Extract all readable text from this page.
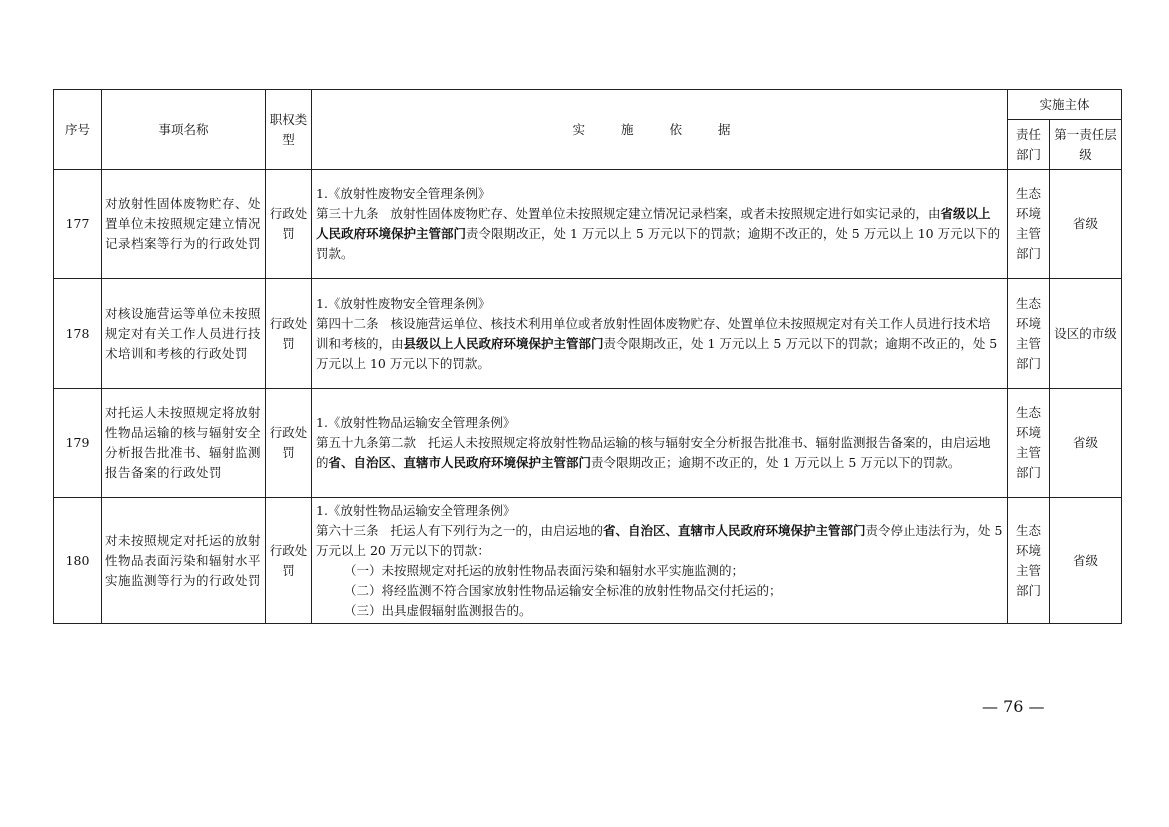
序号	事项名称	职权类型	实 施 依 据	实施主体	
				责任部门	第一责任层级
177	对放射性固体废物贮存、处置单位未按照规定建立情况记录档案等行为的行政处罚	行政处罚	1.《放射性废物安全管理条例》
第三十九条 放射性固体废物贮存、处置单位未按照规定建立情况记录档案，或者未按照规定进行如实记录的，由省级以上人民政府环境保护主管部门责令限期改正，处 1 万元以上 5 万元以下的罚款；逾期不改正的，处 5 万元以上 10 万元以下的罚款。	生态环境主管部门	省级
178	对核设施营运等单位未按照规定对有关工作人员进行技术培训和考核的行政处罚	行政处罚	1.《放射性废物安全管理条例》
第四十二条 核设施营运单位、核技术利用单位或者放射性固体废物贮存、处置单位未按照规定对有关工作人员进行技术培训和考核的，由县级以上人民政府环境保护主管部门责令限期改正，处 1 万元以上 5 万元以下的罚款；逾期不改正的，处 5 万元以上 10 万元以下的罚款。	生态环境主管部门	设区的市级
179	对托运人未按照规定将放射性物品运输的核与辐射安全分析报告批准书、辐射监测报告备案的行政处罚	行政处罚	1.《放射性物品运输安全管理条例》
第五十九条第二款 托运人未按照规定将放射性物品运输的核与辐射安全分析报告批准书、辐射监测报告备案的，由启运地的省、自治区、直辖市人民政府环境保护主管部门责令限期改正；逾期不改正的，处 1 万元以上 5 万元以下的罚款。	生态环境主管部门	省级
180	对未按照规定对托运的放射性物品表面污染和辐射水平实施监测等行为的行政处罚	行政处罚	1.《放射性物品运输安全管理条例》
第六十三条 托运人有下列行为之一的，由启运地的省、自治区、直辖市人民政府环境保护主管部门责令停止违法行为，处 5 万元以上 20 万元以下的罚款：
（一）未按照规定对托运的放射性物品表面污染和辐射水平实施监测的；
（二）将经监测不符合国家放射性物品运输安全标准的放射性物品交付托运的；
（三）出具虚假辐射监测报告的。	生态环境主管部门	省级
— 76 —
